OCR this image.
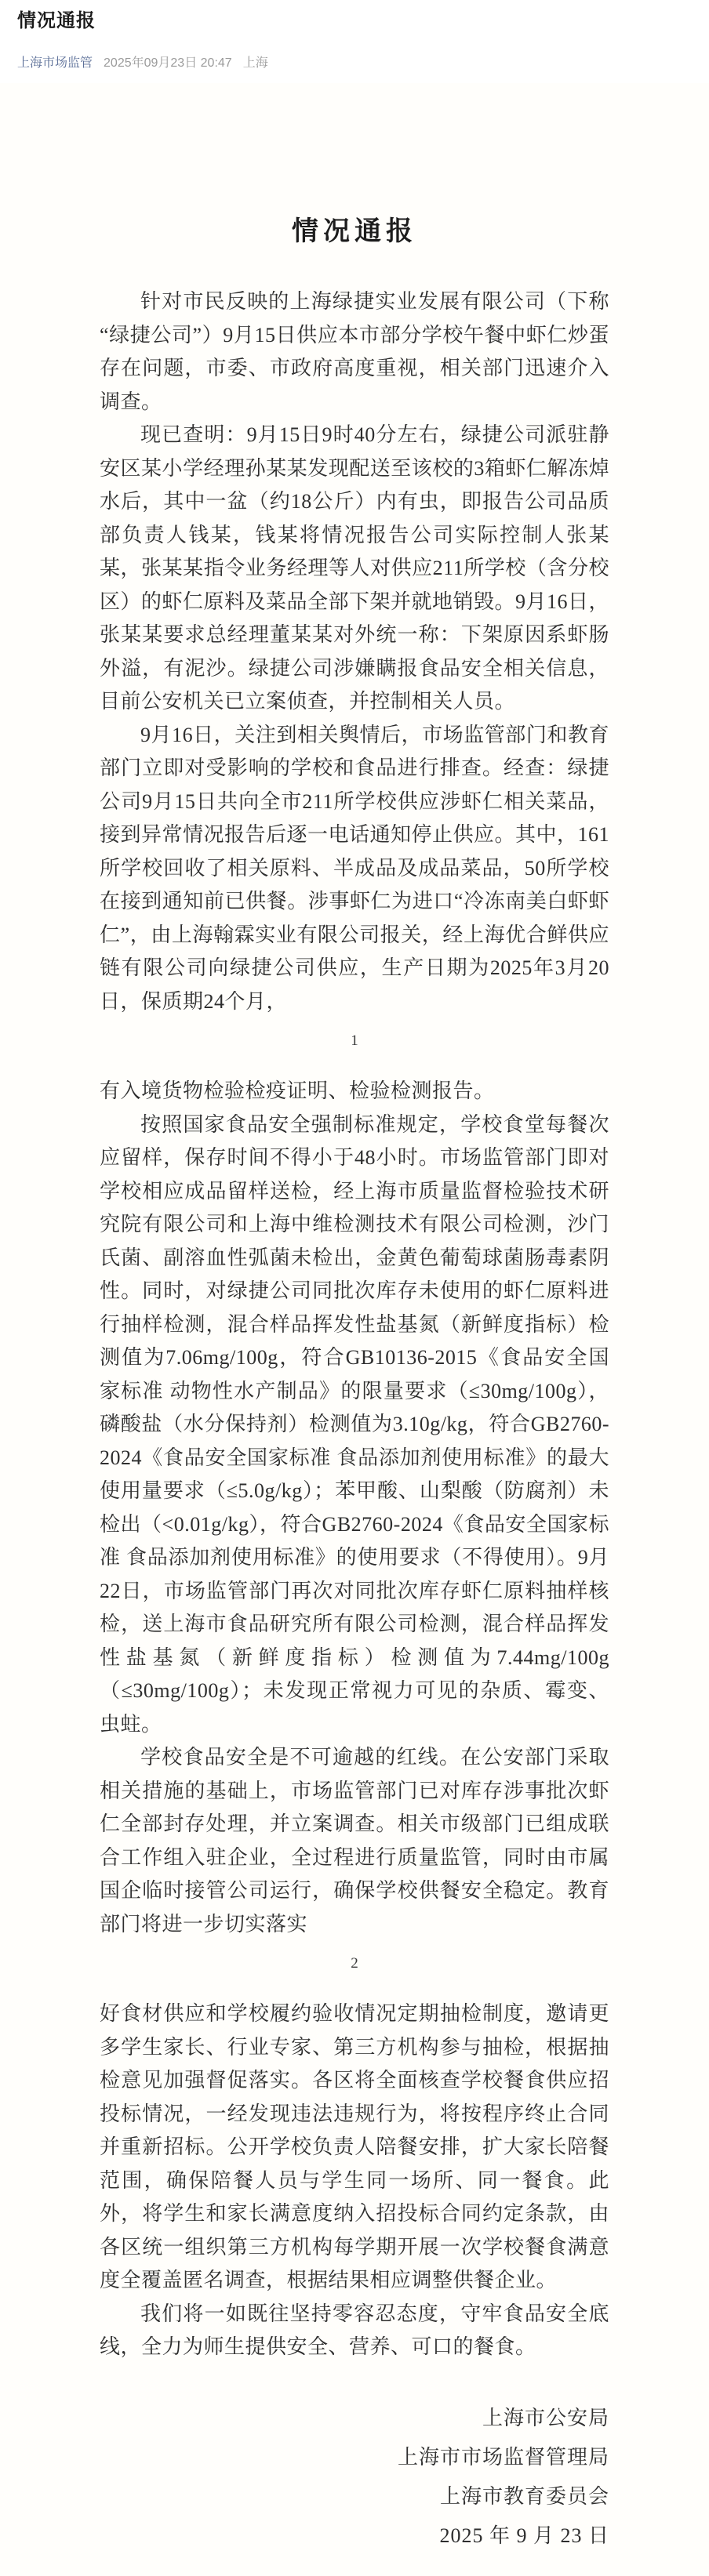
情况通报
上海市场监管 2025年09月23日 20:47 上海
情况通报

针对市民反映的上海绿捷实业发展有限公司（下称“绿捷公司”）9月15日供应本市部分学校午餐中虾仁炒蛋存在问题，市委、市政府高度重视，相关部门迅速介入调查。

现已查明：9月15日9时40分左右，绿捷公司派驻静安区某小学经理孙某某发现配送至该校的3箱虾仁解冻焯水后，其中一盆（约18公斤）内有虫，即报告公司品质部负责人钱某，钱某将情况报告公司实际控制人张某某，张某某指令业务经理等人对供应211所学校（含分校区）的虾仁原料及菜品全部下架并就地销毁。9月16日，张某某要求总经理董某某对外统一称：下架原因系虾肠外溢，有泥沙。绿捷公司涉嫌瞒报食品安全相关信息，目前公安机关已立案侦查，并控制相关人员。

9月16日，关注到相关舆情后，市场监管部门和教育部门立即对受影响的学校和食品进行排查。经查：绿捷公司9月15日共向全市211所学校供应涉虾仁相关菜品，接到异常情况报告后逐一电话通知停止供应。其中，161所学校回收了相关原料、半成品及成品菜品，50所学校在接到通知前已供餐。涉事虾仁为进口“冷冻南美白虾虾仁”，由上海翰霖实业有限公司报关，经上海优合鲜供应链有限公司向绿捷公司供应，生产日期为2025年3月20日，保质期24个月，

1

有入境货物检验检疫证明、检验检测报告。

按照国家食品安全强制标准规定，学校食堂每餐次应留样，保存时间不得小于48小时。市场监管部门即对学校相应成品留样送检，经上海市质量监督检验技术研究院有限公司和上海中维检测技术有限公司检测，沙门氏菌、副溶血性弧菌未检出，金黄色葡萄球菌肠毒素阴性。同时，对绿捷公司同批次库存未使用的虾仁原料进行抽样检测，混合样品挥发性盐基氮（新鲜度指标）检测值为7.06mg/100g，符合GB10136-2015《食品安全国家标准 动物性水产制品》的限量要求（≤30mg/100g），磷酸盐（水分保持剂）检测值为3.10g/kg，符合GB2760-2024《食品安全国家标准 食品添加剂使用标准》的最大使用量要求（≤5.0g/kg）；苯甲酸、山梨酸（防腐剂）未检出（<0.01g/kg），符合GB2760-2024《食品安全国家标准 食品添加剂使用标准》的使用要求（不得使用）。9月22日，市场监管部门再次对同批次库存虾仁原料抽样核检，送上海市食品研究所有限公司检测，混合样品挥发性盐基氮（新鲜度指标）检测值为7.44mg/100g（≤30mg/100g）；未发现正常视力可见的杂质、霉变、虫蛀。

学校食品安全是不可逾越的红线。在公安部门采取相关措施的基础上，市场监管部门已对库存涉事批次虾仁全部封存处理，并立案调查。相关市级部门已组成联合工作组入驻企业，全过程进行质量监管，同时由市属国企临时接管公司运行，确保学校供餐安全稳定。教育部门将进一步切实落实

2

好食材供应和学校履约验收情况定期抽检制度，邀请更多学生家长、行业专家、第三方机构参与抽检，根据抽检意见加强督促落实。各区将全面核查学校餐食供应招投标情况，一经发现违法违规行为，将按程序终止合同并重新招标。公开学校负责人陪餐安排，扩大家长陪餐范围，确保陪餐人员与学生同一场所、同一餐食。此外，将学生和家长满意度纳入招投标合同约定条款，由各区统一组织第三方机构每学期开展一次学校餐食满意度全覆盖匿名调查，根据结果相应调整供餐企业。

我们将一如既往坚持零容忍态度，守牢食品安全底线，全力为师生提供安全、营养、可口的餐食。

上海市公安局
上海市市场监督管理局
上海市教育委员会
2025 年 9 月 23 日
